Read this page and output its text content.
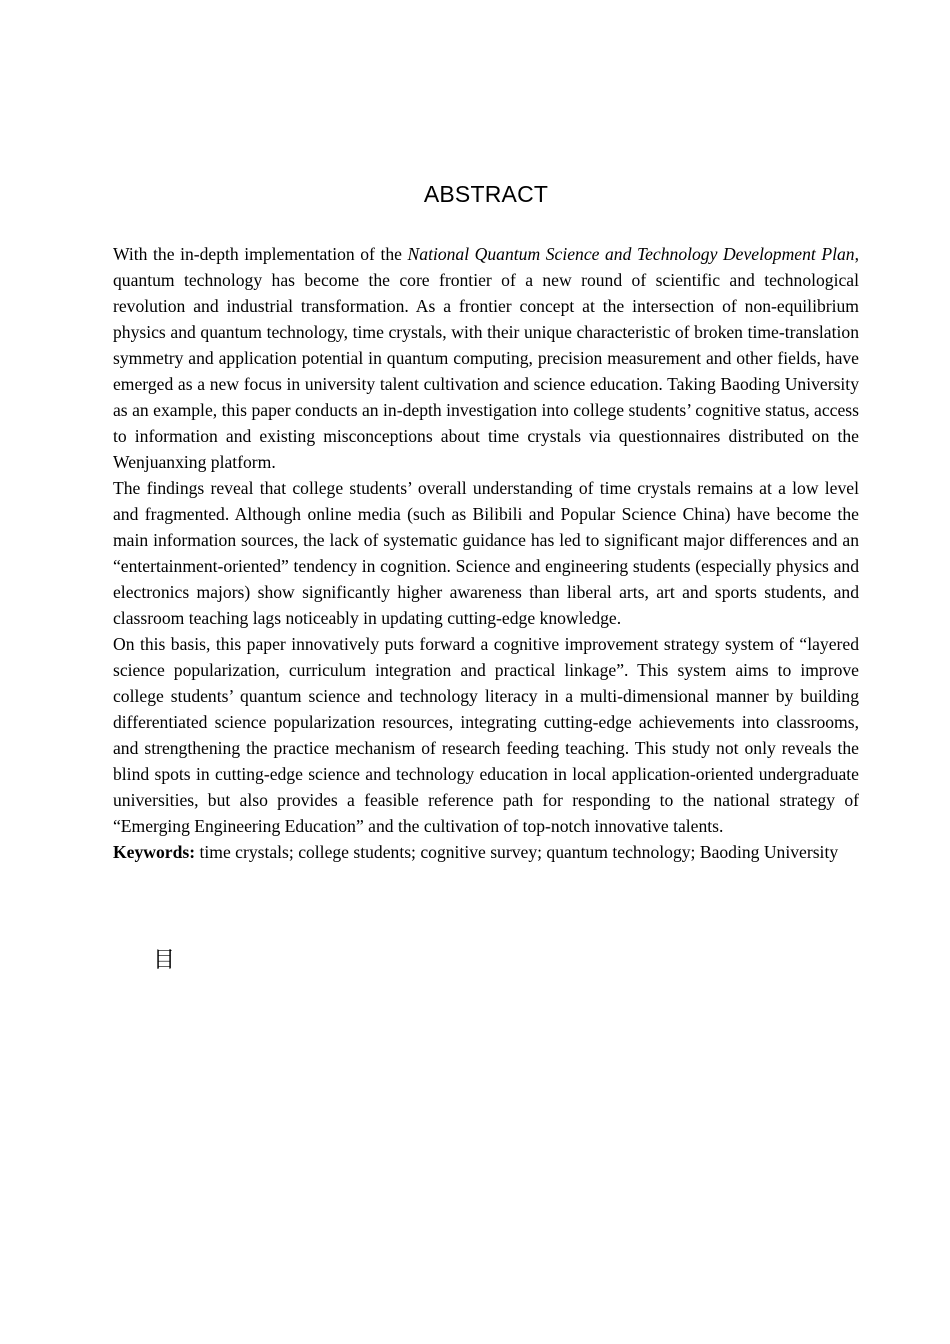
ABSTRACT

With the in-depth implementation of the National Quantum Science and Technology Development Plan, quantum technology has become the core frontier of a new round of scientific and technological revolution and industrial transformation. As a frontier concept at the intersection of non-equilibrium physics and quantum technology, time crystals, with their unique characteristic of broken time-translation symmetry and application potential in quantum computing, precision measurement and other fields, have emerged as a new focus in university talent cultivation and science education. Taking Baoding University as an example, this paper conducts an in-depth investigation into college students’ cognitive status, access to information and existing misconceptions about time crystals via questionnaires distributed on the Wenjuanxing platform.

The findings reveal that college students’ overall understanding of time crystals remains at a low level and fragmented. Although online media (such as Bilibili and Popular Science China) have become the main information sources, the lack of systematic guidance has led to significant major differences and an “entertainment-oriented” tendency in cognition. Science and engineering students (especially physics and electronics majors) show significantly higher awareness than liberal arts, art and sports students, and classroom teaching lags noticeably in updating cutting-edge knowledge.

On this basis, this paper innovatively puts forward a cognitive improvement strategy system of “layered science popularization, curriculum integration and practical linkage”. This system aims to improve college students’ quantum science and technology literacy in a multi-dimensional manner by building differentiated science popularization resources, integrating cutting-edge achievements into classrooms, and strengthening the practice mechanism of research feeding teaching. This study not only reveals the blind spots in cutting-edge science and technology education in local application-oriented undergraduate universities, but also provides a feasible reference path for responding to the national strategy of “Emerging Engineering Education” and the cultivation of top-notch innovative talents.

Keywords: time crystals; college students; cognitive survey; quantum technology; Baoding University

目
